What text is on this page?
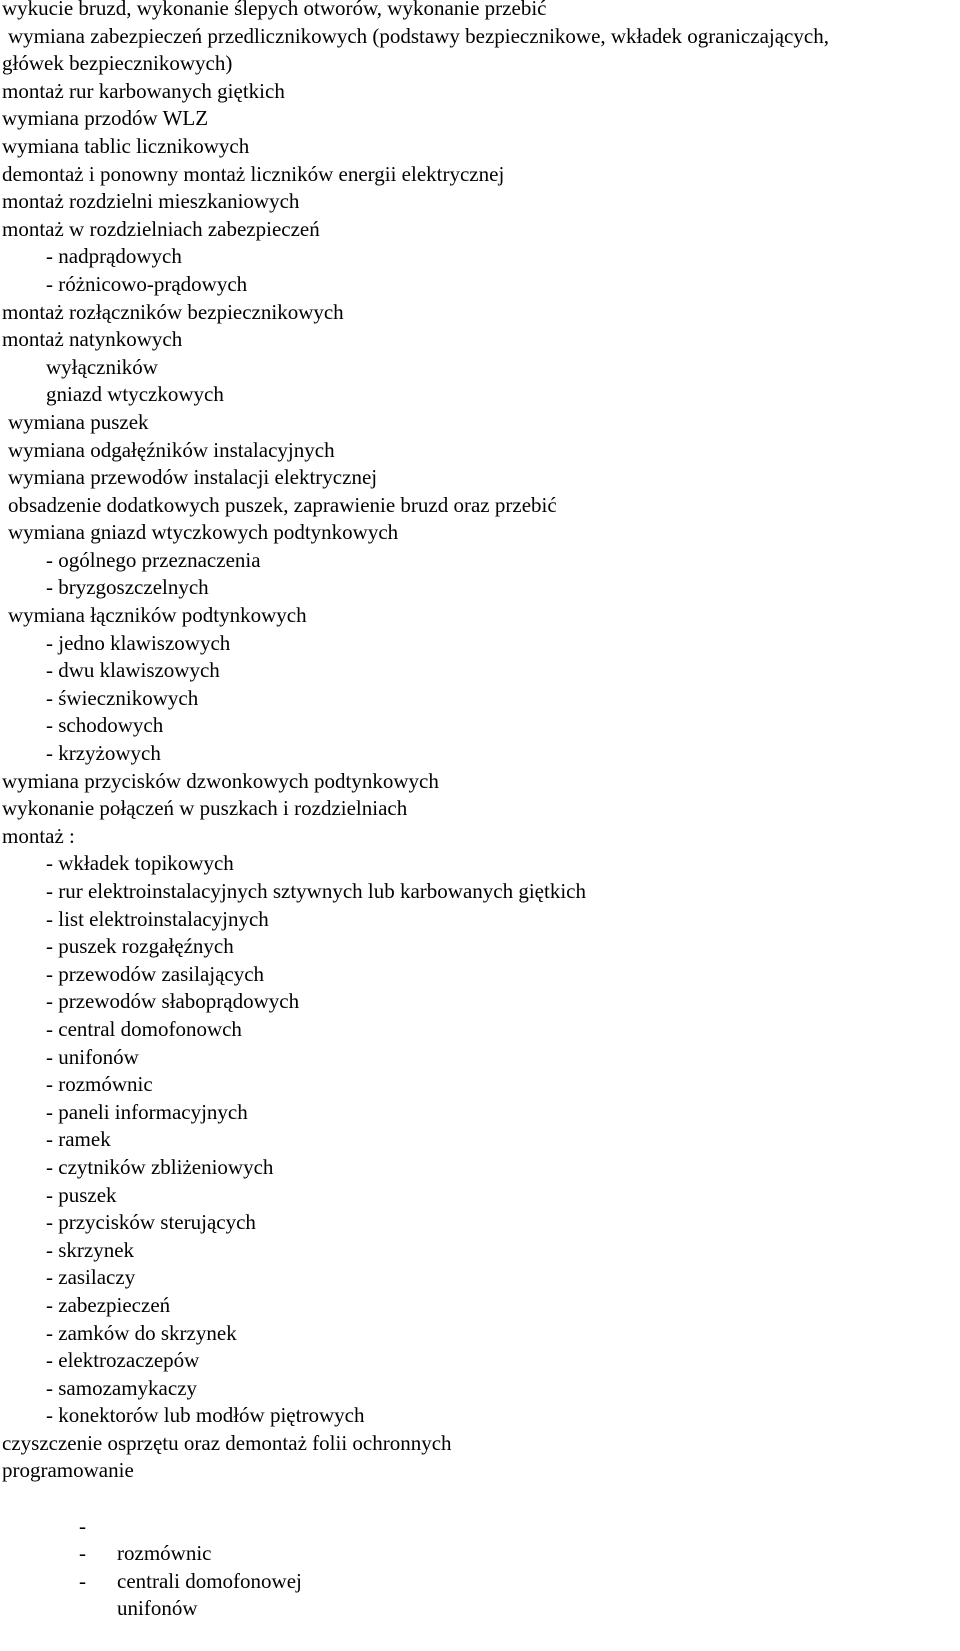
wykucie bruzd, wykonanie ślepych otworów, wykonanie przebić
wymiana zabezpieczeń przedlicznikowych (podstawy bezpiecznikowe, wkładek ograniczających,
główek bezpiecznikowych)
montaż rur karbowanych giętkich
wymiana przodów WLZ
wymiana tablic licznikowych
demontaż i ponowny montaż liczników energii elektrycznej
montaż rozdzielni mieszkaniowych
montaż w rozdzielniach zabezpieczeń
- nadprądowych
- różnicowo-prądowych
montaż rozłączników bezpiecznikowych
montaż natynkowych
wyłączników
gniazd wtyczkowych
wymiana puszek
wymiana odgałęźników instalacyjnych
wymiana przewodów instalacji elektrycznej
obsadzenie dodatkowych puszek, zaprawienie bruzd oraz przebić
wymiana gniazd wtyczkowych podtynkowych
- ogólnego przeznaczenia
- bryzgoszczelnych
wymiana łączników podtynkowych
- jedno klawiszowych
- dwu klawiszowych
- świecznikowych
- schodowych
- krzyżowych
wymiana przycisków dzwonkowych podtynkowych
wykonanie połączeń w puszkach i rozdzielniach
montaż :
- wkładek topikowych
- rur elektroinstalacyjnych sztywnych lub karbowanych giętkich
- list elektroinstalacyjnych
- puszek rozgałęźnych
- przewodów zasilających
- przewodów słaboprądowych
- central domofonowch
- unifonów
- rozmównic
- paneli informacyjnych
- ramek
- czytników zbliżeniowych
- puszek
- przycisków sterujących
- skrzynek
- zasilaczy
- zabezpieczeń
- zamków do skrzynek
- elektrozaczepów
- samozamykaczy
- konektorów lub modłów piętrowych
czyszczenie osprzętu oraz demontaż folii ochronnych
programowanie

-

rozmównic

-

centrali domofonowej

-

unifonów
